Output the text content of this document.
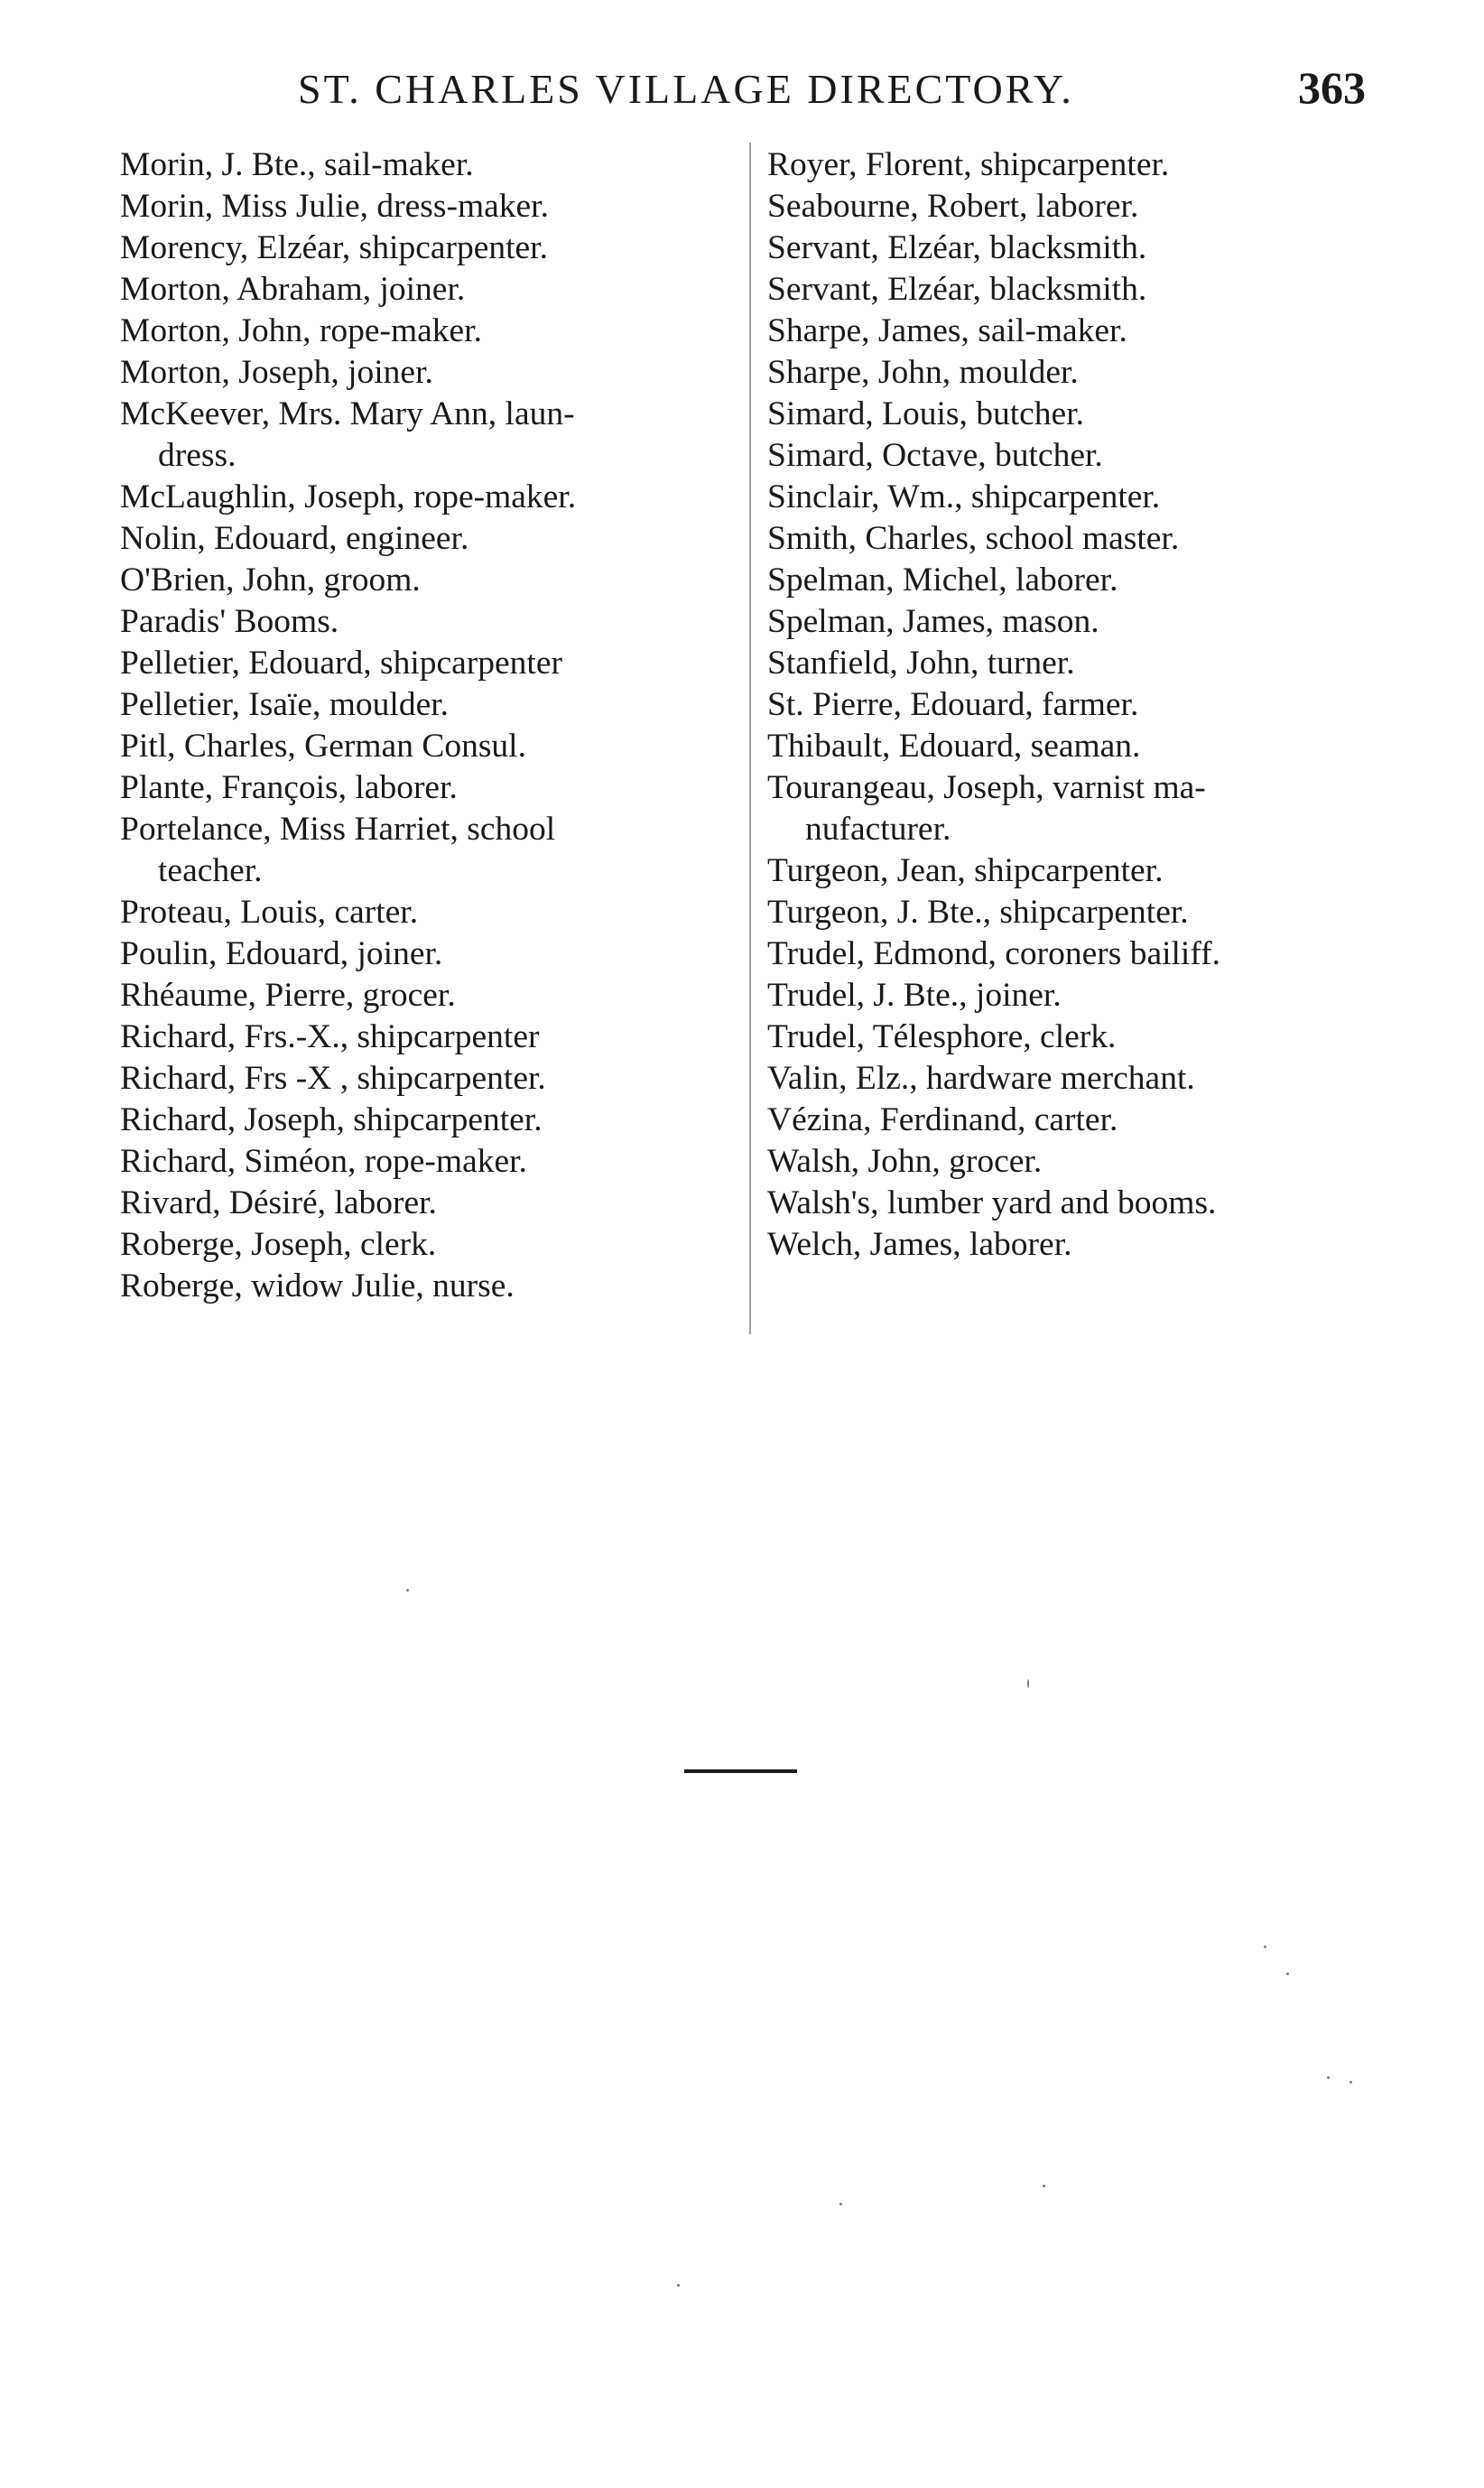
ST. CHARLES VILLAGE DIRECTORY.	363
Morin, J. Bte., sail-maker.
Morin, Miss Julie, dress-maker.
Morency, Elzéar, shipcarpenter.
Morton, Abraham, joiner.
Morton, John, rope-maker.
Morton, Joseph, joiner.
McKeever, Mrs. Mary Ann, laun-
dress.
McLaughlin, Joseph, rope-maker.
Nolin, Edouard, engineer.
O'Brien, John, groom.
Paradis' Booms.
Pelletier, Edouard, shipcarpenter
Pelletier, Isaïe, moulder.
Pitl, Charles, German Consul.
Plante, François, laborer.
Portelance, Miss Harriet, school
teacher.
Proteau, Louis, carter.
Poulin, Edouard, joiner.
Rhéaume, Pierre, grocer.
Richard, Frs.-X., shipcarpenter
Richard, Frs -X , shipcarpenter.
Richard, Joseph, shipcarpenter.
Richard, Siméon, rope-maker.
Rivard, Désiré, laborer.
Roberge, Joseph, clerk.
Roberge, widow Julie, nurse.
Royer, Florent, shipcarpenter.
Seabourne, Robert, laborer.
Servant, Elzéar, blacksmith.
Servant, Elzéar, blacksmith.
Sharpe, James, sail-maker.
Sharpe, John, moulder.
Simard, Louis, butcher.
Simard, Octave, butcher.
Sinclair, Wm., shipcarpenter.
Smith, Charles, school master.
Spelman, Michel, laborer.
Spelman, James, mason.
Stanfield, John, turner.
St. Pierre, Edouard, farmer.
Thibault, Edouard, seaman.
Tourangeau, Joseph, varnist ma-
nufacturer.
Turgeon, Jean, shipcarpenter.
Turgeon, J. Bte., shipcarpenter.
Trudel, Edmond, coroners bailiff.
Trudel, J. Bte., joiner.
Trudel, Télesphore, clerk.
Valin, Elz., hardware merchant.
Vézina, Ferdinand, carter.
Walsh, John, grocer.
Walsh's, lumber yard and booms.
Welch, James, laborer.
